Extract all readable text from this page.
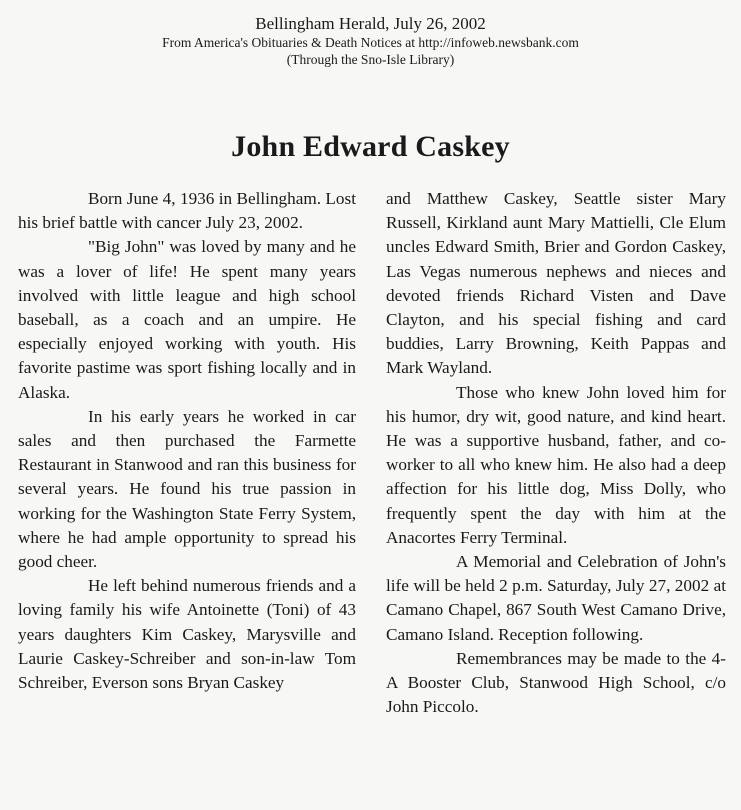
Bellingham Herald, July 26, 2002
From America's Obituaries & Death Notices at http://infoweb.newsbank.com
(Through the Sno-Isle Library)
John Edward Caskey

Born June 4, 1936 in Bellingham. Lost his brief battle with cancer July 23, 2002.

"Big John" was loved by many and he was a lover of life! He spent many years involved with little league and high school baseball, as a coach and an umpire. He especially enjoyed working with youth. His favorite pastime was sport fishing locally and in Alaska.

In his early years he worked in car sales and then purchased the Farmette Restaurant in Stanwood and ran this business for several years. He found his true passion in working for the Washington State Ferry System, where he had ample opportunity to spread his good cheer.

He left behind numerous friends and a loving family his wife Antoinette (Toni) of 43 years daughters Kim Caskey, Marysville and Laurie Caskey-Schreiber and son-in-law Tom Schreiber, Everson sons Bryan Caskey

and Matthew Caskey, Seattle sister Mary Russell, Kirkland aunt Mary Mattielli, Cle Elum uncles Edward Smith, Brier and Gordon Caskey, Las Vegas numerous nephews and nieces and devoted friends Richard Visten and Dave Clayton, and his special fishing and card buddies, Larry Browning, Keith Pappas and Mark Wayland.

Those who knew John loved him for his humor, dry wit, good nature, and kind heart. He was a supportive husband, father, and co-worker to all who knew him. He also had a deep affection for his little dog, Miss Dolly, who frequently spent the day with him at the Anacortes Ferry Terminal.

A Memorial and Celebration of John's life will be held 2 p.m. Saturday, July 27, 2002 at Camano Chapel, 867 South West Camano Drive, Camano Island. Reception following.

Remembrances may be made to the 4-A Booster Club, Stanwood High School, c/o John Piccolo.
